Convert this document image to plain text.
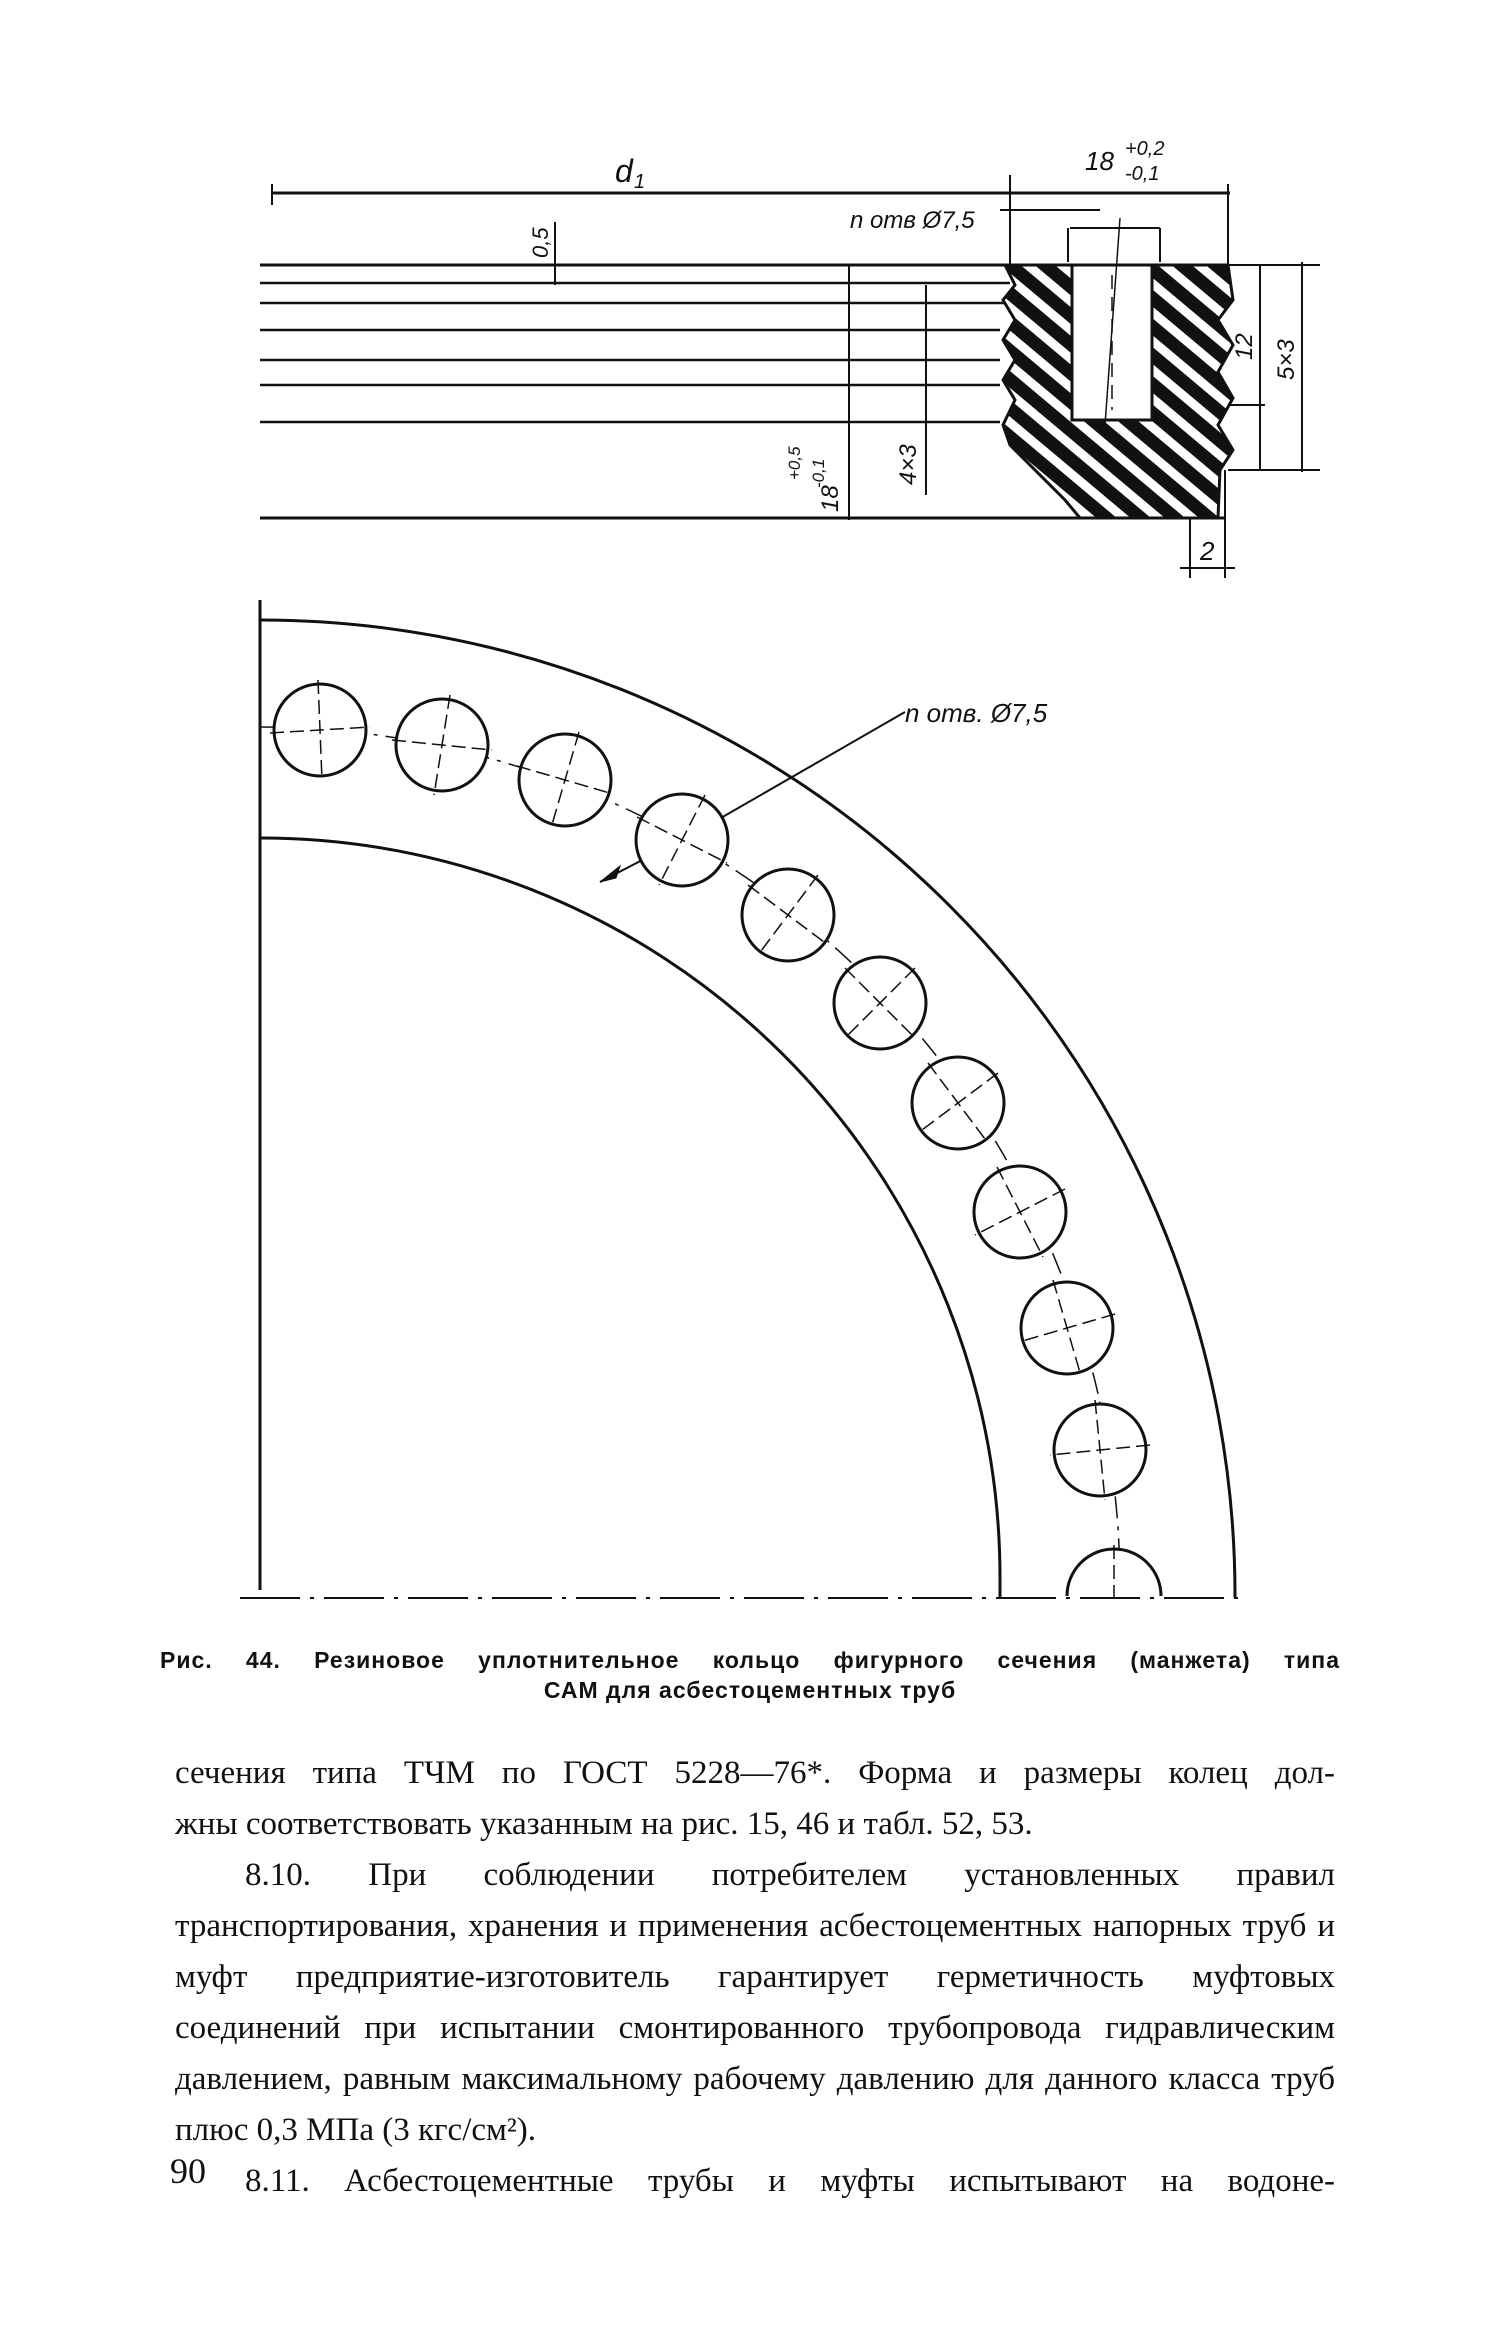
d 1
18 +0,2
-0,1
n отв Ø7,5
0,5
18
+0,5 -0,1	4×3
12 5×3
2
n отв. Ø7,5
Рис. 44. Резиновое уплотнительное кольцо фигурного сечения (манжета) типа
САМ для асбестоцементных труб

сечения типа ТЧМ по ГОСТ 5228—76*. Форма и размеры колец дол-

жны соответствовать указанным на рис. 15, 46 и табл. 52, 53.

8.10. При соблюдении потребителем установленных правил транспортирования, хранения и применения асбестоцементных напорных труб и муфт предприятие-изготовитель гарантирует герметичность муфтовых соединений при испытании смонтированного трубопровода гидравлическим давлением, равным максимальному рабочему давлению для данного класса труб плюс 0,3 МПа (3 кгс/см²).

8.11. Асбестоцементные трубы и муфты испытывают на водоне-

90
